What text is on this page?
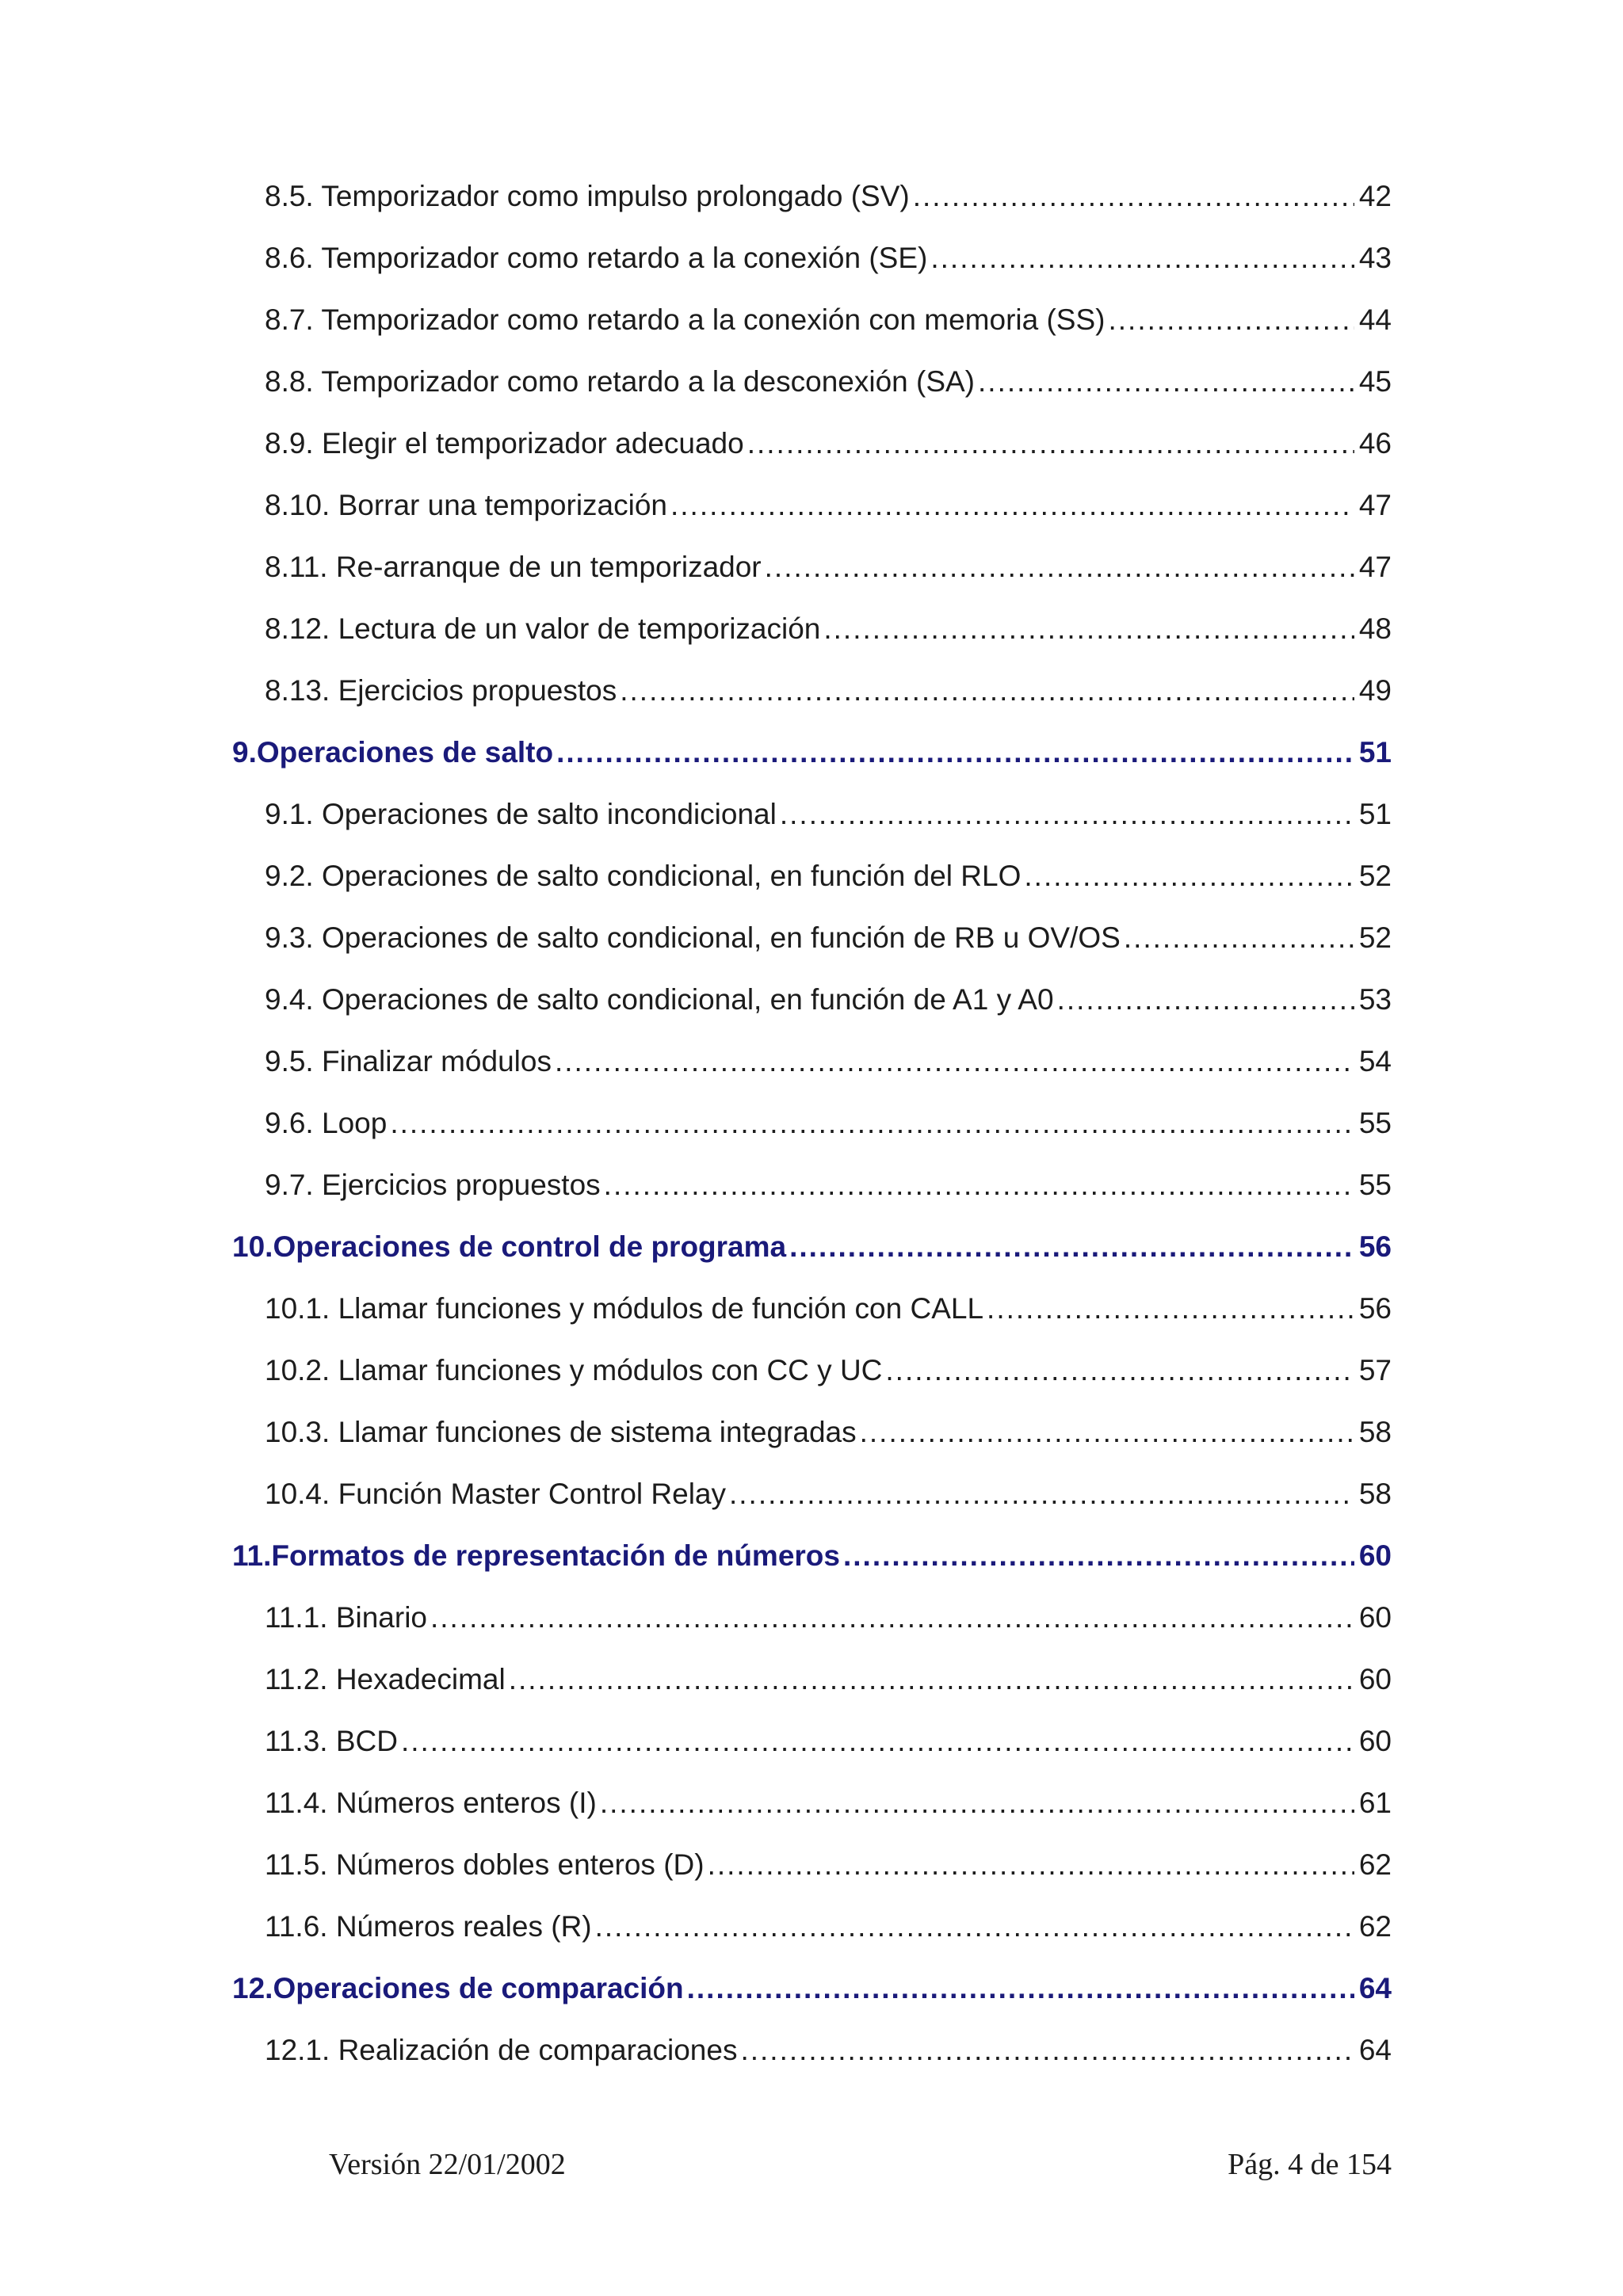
8.5. Temporizador como impulso prolongado (SV) .....	42
8.6. Temporizador como retardo a la conexión (SE) .....	43
8.7. Temporizador como retardo a la conexión con memoria (SS) .....	44
8.8. Temporizador como retardo a la desconexión (SA) .....	45
8.9. Elegir el temporizador adecuado .....	46
8.10. Borrar una temporización .....	47
8.11. Re-arranque de un temporizador .....	47
8.12. Lectura de un valor de temporización .....	48
8.13. Ejercicios propuestos .....	49
9. Operaciones de salto .....	51
9.1. Operaciones de salto incondicional .....	51
9.2. Operaciones de salto condicional, en función del RLO .....	52
9.3. Operaciones de salto condicional, en función de RB u OV/OS .....	52
9.4. Operaciones de salto condicional, en función de A1 y A0 .....	53
9.5. Finalizar módulos .....	54
9.6. Loop .....	55
9.7. Ejercicios propuestos .....	55
10. Operaciones de control de programa .....	56
10.1. Llamar funciones y módulos de función con CALL .....	56
10.2. Llamar funciones y módulos con CC y UC .....	57
10.3. Llamar funciones de sistema integradas .....	58
10.4. Función Master Control Relay .....	58
11. Formatos de representación de números .....	60
11.1. Binario .....	60
11.2. Hexadecimal .....	60
11.3. BCD .....	60
11.4. Números enteros (I) .....	61
11.5. Números dobles enteros (D) .....	62
11.6. Números reales (R) .....	62
12. Operaciones de comparación .....	64
12.1. Realización de comparaciones .....	64
Versión 22/01/2002	Pág. 4 de 154
